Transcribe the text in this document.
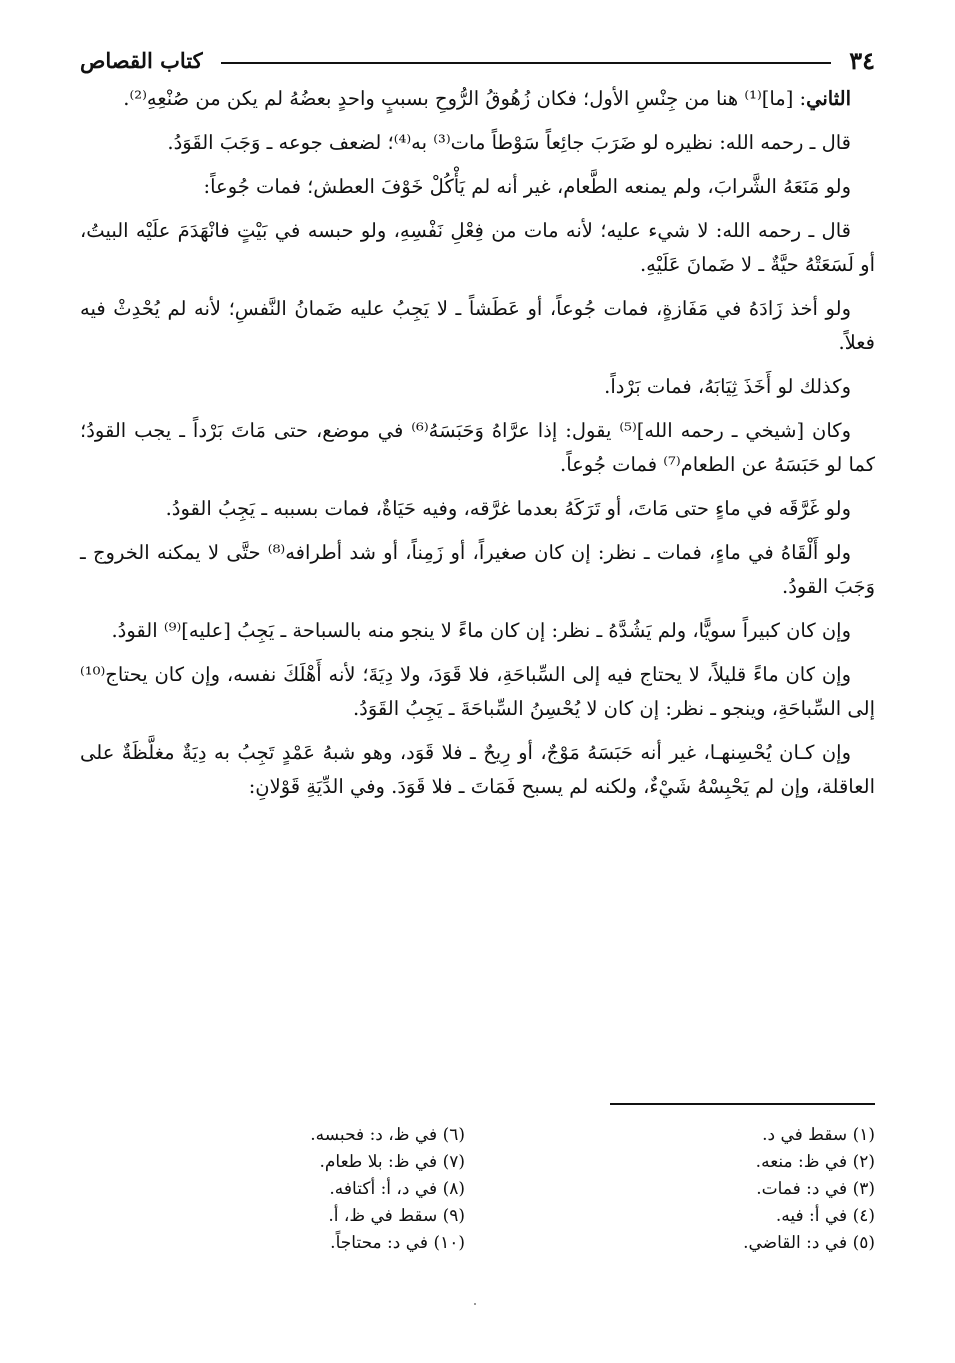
٣٤
كتاب القصاص

الثاني: [ما]⁽¹⁾ هنا من جِنْسِ الأول؛ فكان زُهُوقُ الرُّوحِ بسببٍ واحدٍ بعضُهُ لم يكن من صُنْعِهِ⁽²⁾.

قال ـ رحمه الله: نظيره لو ضَرَبَ جائِعاً سَوْطاً مات⁽³⁾ به⁽⁴⁾؛ لضعف جوعه ـ وَجَبَ القَوَدُ.

ولو مَنَعَهُ الشَّرابَ، ولم يمنعه الطَّعام، غير أنه لم يَأْكُلْ خَوْفَ العطش؛ فمات جُوعاً:

قال ـ رحمه الله: لا شيء عليه؛ لأنه مات من فِعْلِ نَفْسِهِ، ولو حبسه في بَيْتٍ فانْهَدَمَ علَيْه البيتُ، أو لَسَعَتْهُ حيَّةٌ ـ لا ضَمانَ عَلَيْهِ.

ولو أخذ زَادَهُ في مَفَازةٍ، فمات جُوعاً، أو عَطَشاً ـ لا يَجِبُ عليه ضَمانُ النَّفسِ؛ لأنه لم يُحْدِثْ فيه فعلاً.

وكذلك لو أَخَذَ ثِيَابَهُ، فمات بَرْداً.

وكان [شيخي ـ رحمه الله]⁽⁵⁾ يقول: إذا عرَّاهُ وَحَبَسَهُ⁽⁶⁾ في موضع، حتى مَاتَ بَرْداً ـ يجب القودُ؛ كما لو حَبَسَهُ عن الطعام⁽⁷⁾ فمات جُوعاً.

ولو غَرَّقَه في ماءٍ حتى مَاتَ، أو تَرَكَهُ بعدما غرَّقه، وفيه حَيَاةٌ، فمات بسببه ـ يَجِبُ القودُ.

ولو أَلْقَاهُ في ماءٍ، فمات ـ نظر: إن كان صغيراً، أو زَمِناً، أو شد أطرافه⁽⁸⁾ حتَّى لا يمكنه الخروج ـ وَجَبَ القودُ.

وإن كان كبيراً سويًّا، ولم يَشُدَّهُ ـ نظر: إن كان ماءً لا ينجو منه بالسباحة ـ يَجِبُ [عليه]⁽⁹⁾ القودُ.

وإن كان ماءً قليلاً، لا يحتاج فيه إلى السِّباحَةِ، فلا قَوَدَ، ولا دِيَةَ؛ لأنه أَهْلَكَ نفسه، وإن كان يحتاج⁽¹⁰⁾ إلى السِّباحَةِ، وينجو ـ نظر: إن كان لا يُحْسِنُ السِّباحَةَ ـ يَجِبُ القَوَدُ.

وإن كـان يُحْسِنهـا، غير أنه حَبَسَهُ مَوْجٌ، أو رِيحٌ ـ فلا قَوَد، وهو شبهُ عَمْدٍ تَجِبُ به دِيَةٌ مغلَّظَةٌ على العاقلة، وإن لم يَحْبِسْهُ شَيْءٌ، ولكنه لم يسبح فَمَاتَ ـ فلا قَوَدَ. وفي الدِّيَةِ قَوْلانِ:

(١) سقط في د.
(٢) في ظ: منعه.
(٣) في د: فمات.
(٤) في أ: فيه.
(٥) في د: القاضي.
(٦) في ظ، د: فحبسه.
(٧) في ظ: بلا طعام.
(٨) في د، أ: أكتافه.
(٩) سقط في ظ، أ.
(١٠) في د: محتاجاً.
